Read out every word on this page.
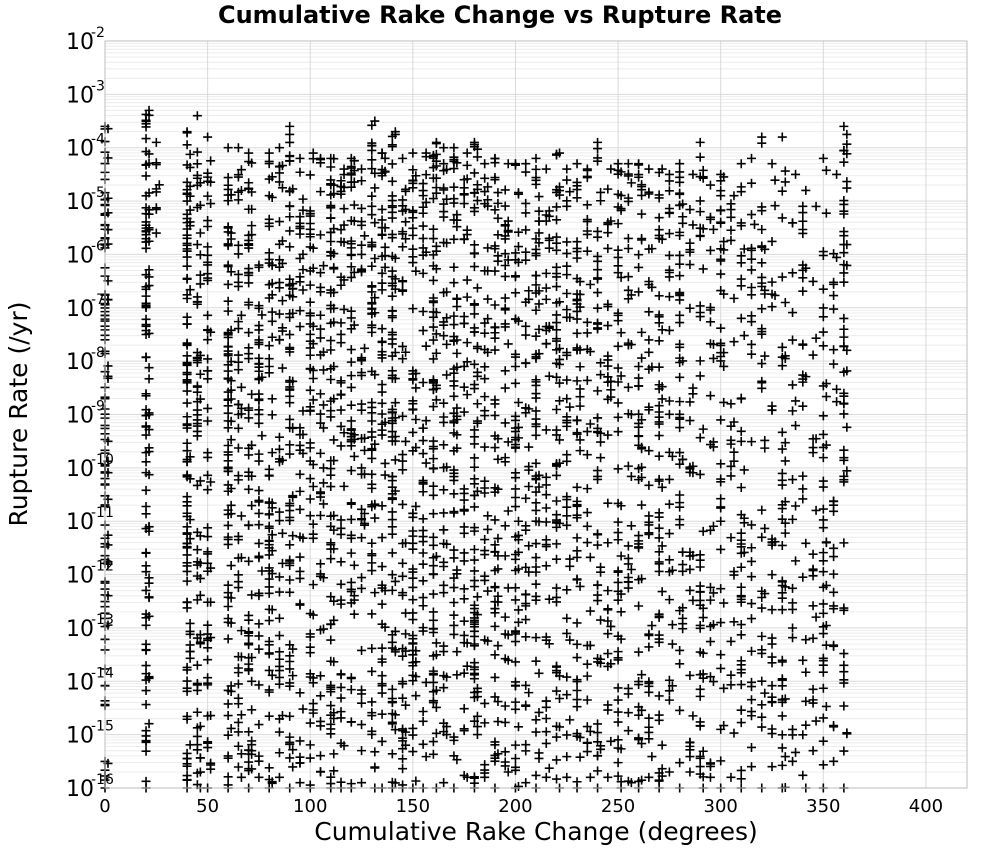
Cumulative Rake Change vs Rupture Rate
0	50	100	150	200	250	300	350	400
10
-2
10
-3
10
-4
10
-5
10
-6
10
-7
10
-8
10
-9
10
-10
10
-11
10
-12
10
-13
10
-14
10
-15
10
-16
Cumulative Rake Change (degrees)
Rupture Rate (/yr)
